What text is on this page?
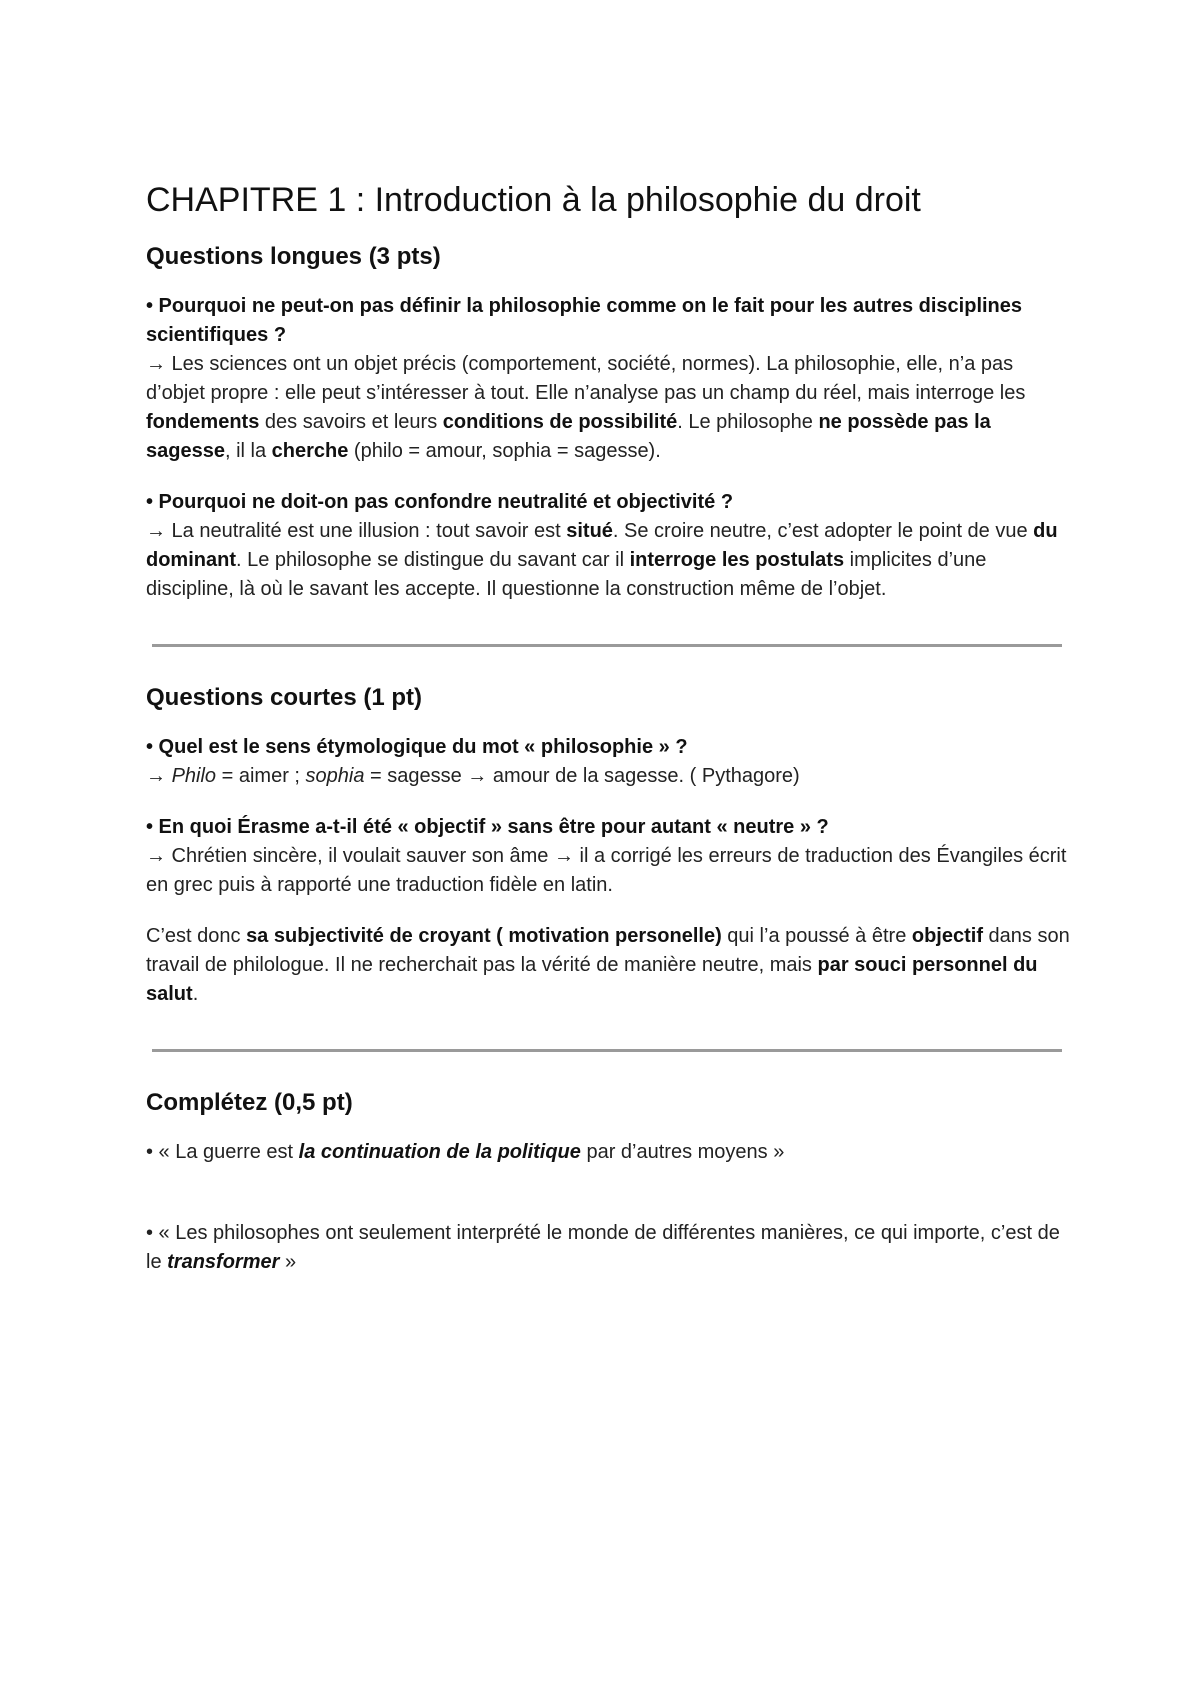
CHAPITRE 1 : Introduction à la philosophie du droit
Questions longues (3 pts)

• Pourquoi ne peut-on pas définir la philosophie comme on le fait pour les autres disciplines scientifiques ?

→ Les sciences ont un objet précis (comportement, société, normes). La philosophie, elle, n’a pas d’objet propre : elle peut s’intéresser à tout. Elle n’analyse pas un champ du réel, mais interroge les fondements des savoirs et leurs conditions de possibilité. Le philosophe ne possède pas la sagesse, il la cherche (philo = amour, sophia = sagesse).

• Pourquoi ne doit-on pas confondre neutralité et objectivité ?

→ La neutralité est une illusion : tout savoir est situé. Se croire neutre, c’est adopter le point de vue du dominant. Le philosophe se distingue du savant car il interroge les postulats implicites d’une discipline, là où le savant les accepte. Il questionne la construction même de l’objet.

Questions courtes (1 pt)

• Quel est le sens étymologique du mot « philosophie » ?

→ Philo = aimer ; sophia = sagesse → amour de la sagesse. ( Pythagore)

• En quoi Érasme a-t-il été « objectif » sans être pour autant « neutre » ?

→ Chrétien sincère, il voulait sauver son âme → il a corrigé les erreurs de traduction des Évangiles écrit en grec puis à rapporté une traduction fidèle en latin.

C’est donc sa subjectivité de croyant ( motivation personelle) qui l’a poussé à être objectif dans son travail de philologue. Il ne recherchait pas la vérité de manière neutre, mais par souci personnel du salut.

Complétez (0,5 pt)

• « La guerre est la continuation de la politique par d’autres moyens »

• « Les philosophes ont seulement interprété le monde de différentes manières, ce qui importe, c’est de le transformer »
